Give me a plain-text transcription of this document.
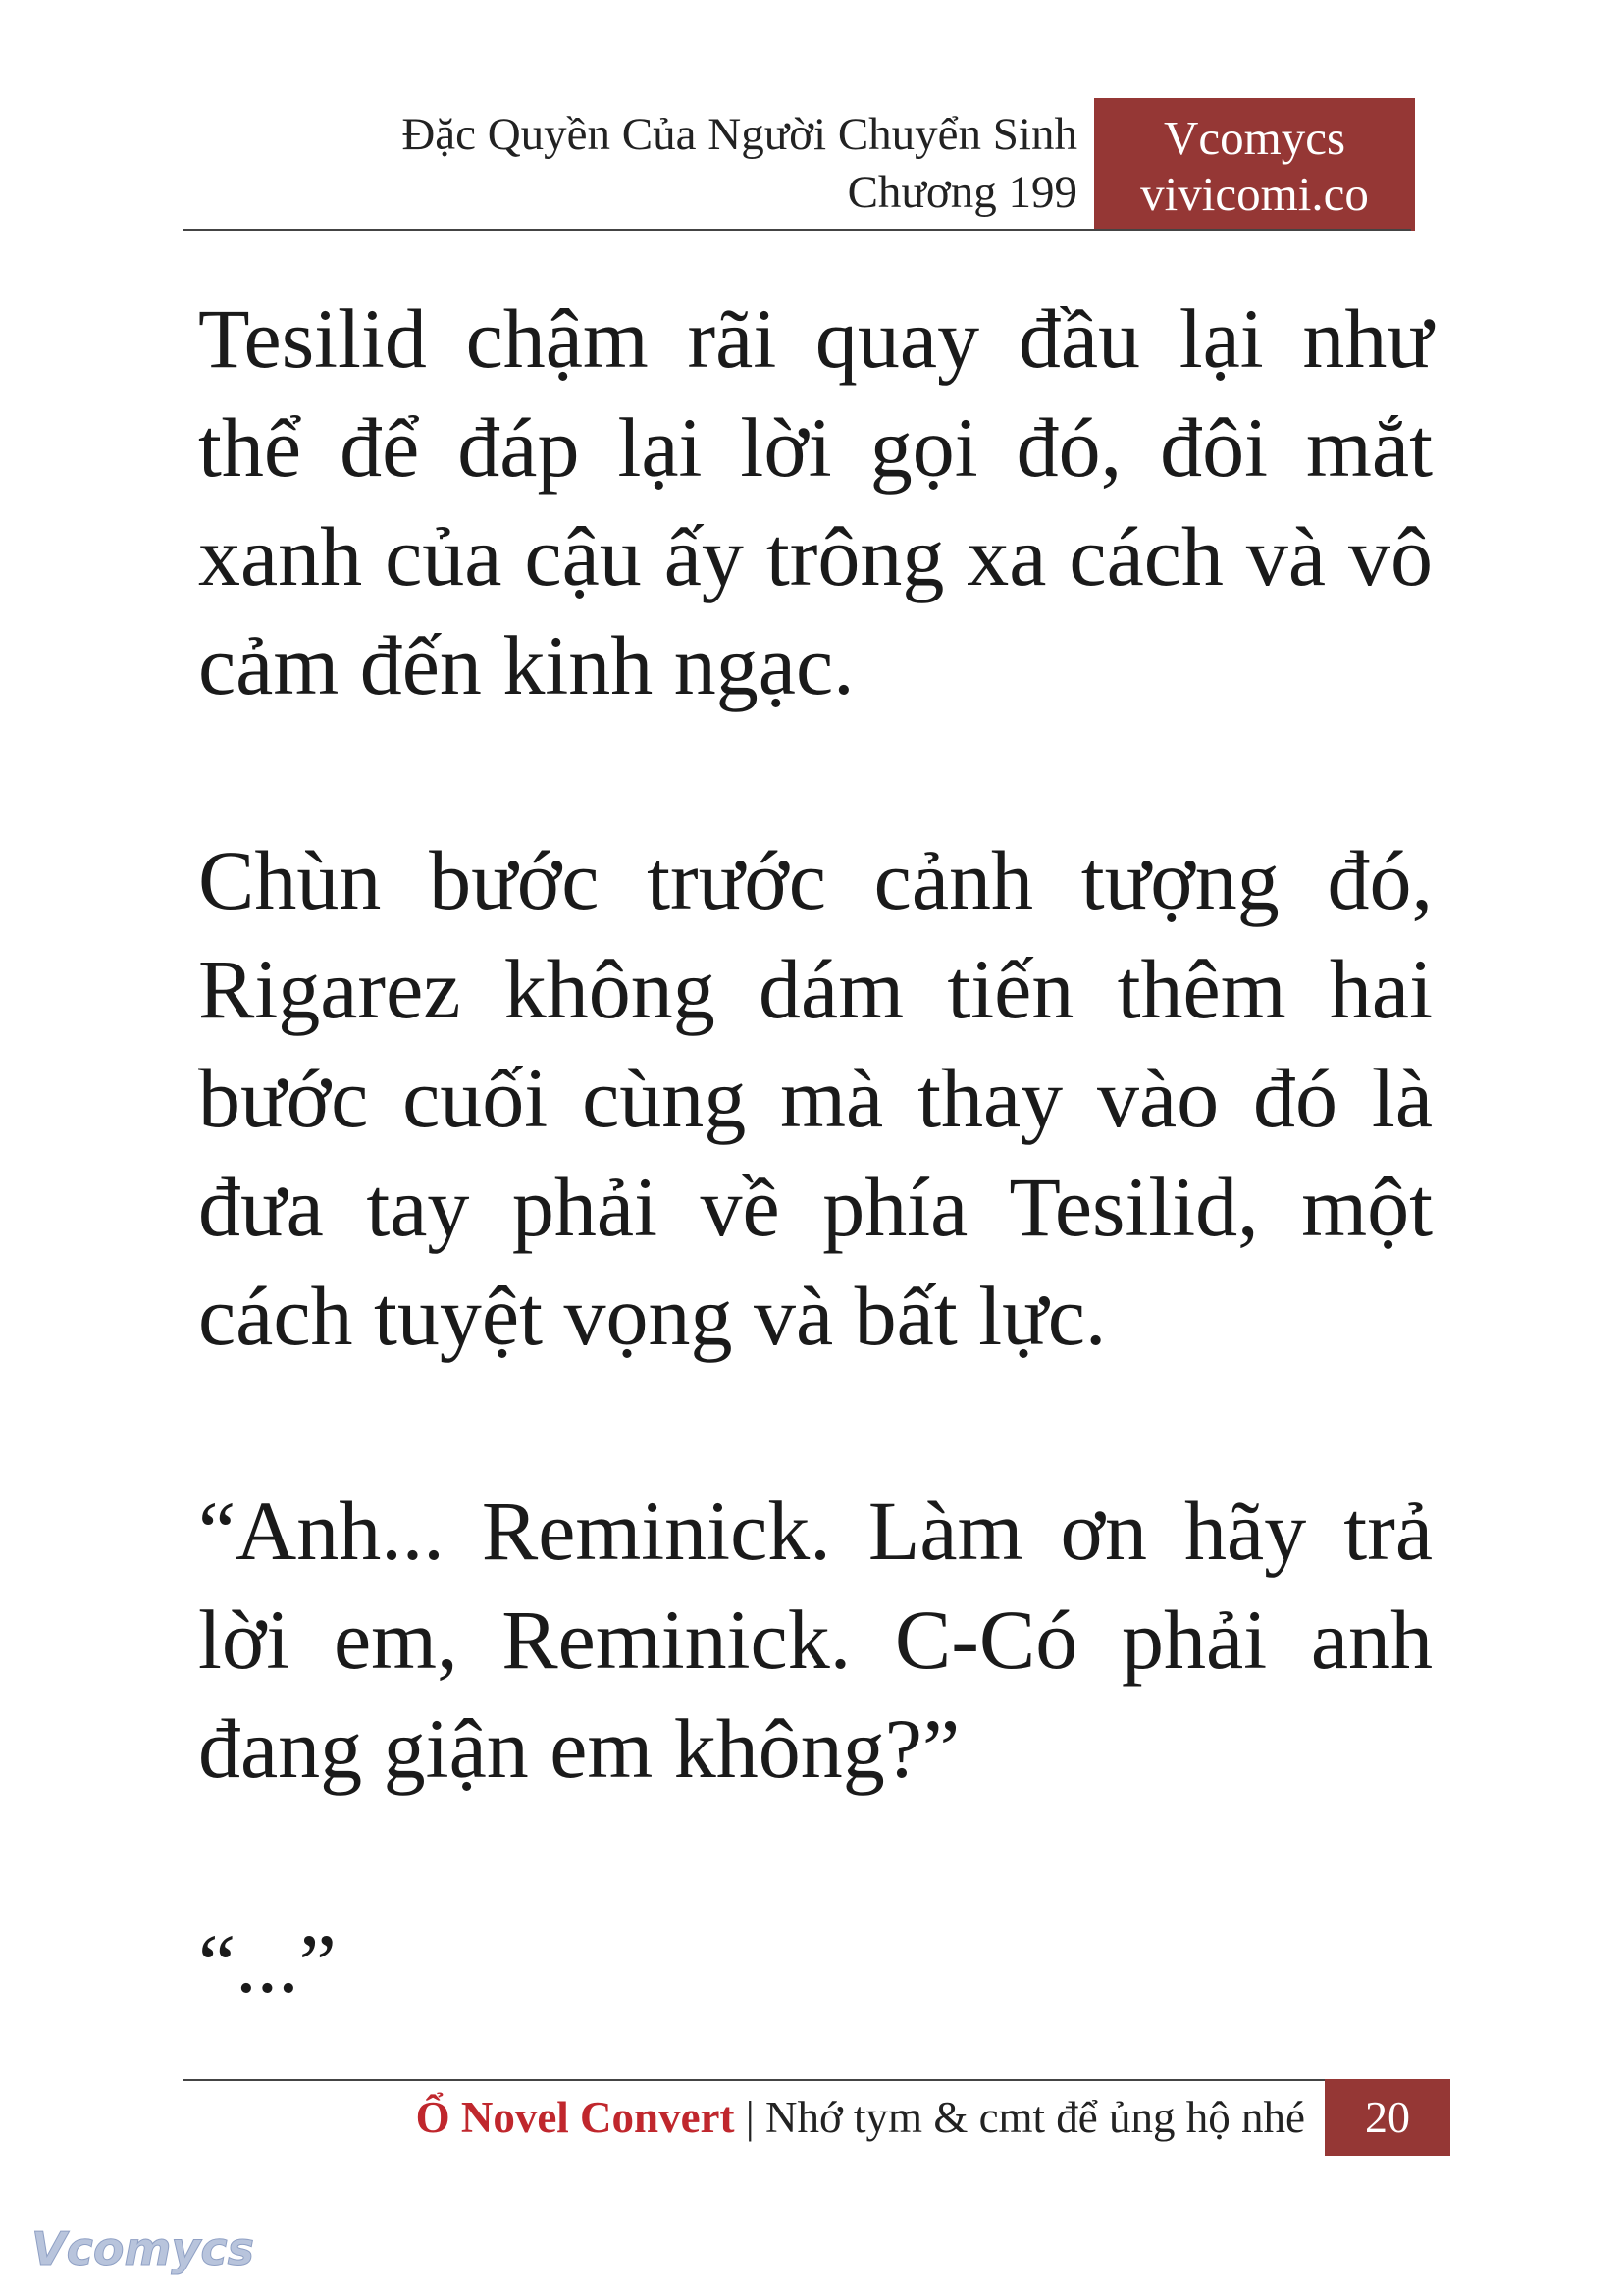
Đặc Quyền Của Người Chuyển Sinh
Chương 199
Vcomycs
vivicomi.co

Tesilid chậm rãi quay đầu lại như thể để đáp lại lời gọi đó, đôi mắt xanh của cậu ấy trông xa cách và vô cảm đến kinh ngạc.

Chùn bước trước cảnh tượng đó, Rigarez không dám tiến thêm hai bước cuối cùng mà thay vào đó là đưa tay phải về phía Tesilid, một cách tuyệt vọng và bất lực.

“Anh... Reminick. Làm ơn hãy trả lời em, Reminick. C-Có phải anh đang giận em không?”

“...”

Ổ Novel Convert | Nhớ tym & cmt để ủng hộ nhé	20
Vcomycs
